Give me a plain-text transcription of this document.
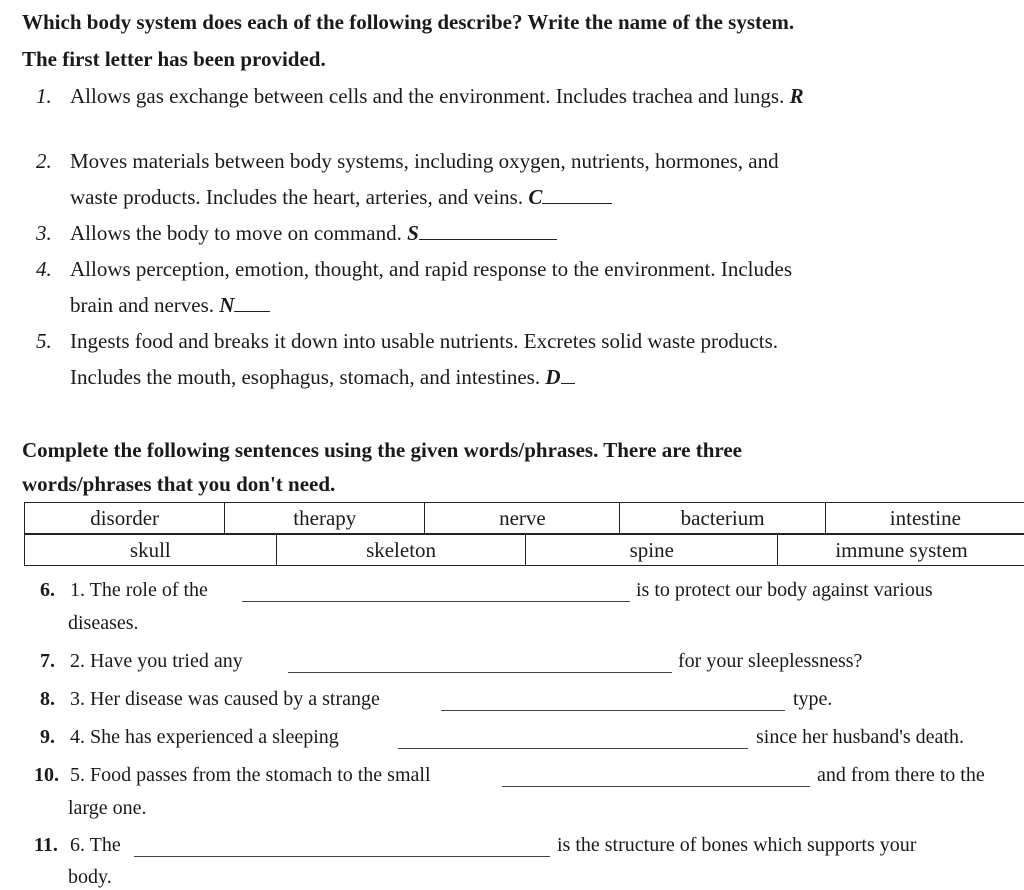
Which body system does each of the following describe? Write the name of the system.
The first letter has been provided.
1. Allows gas exchange between cells and the environment. Includes trachea and lungs. R
2. Moves materials between body systems, including oxygen, nutrients, hormones, and
waste products. Includes the heart, arteries, and veins. C
3. Allows the body to move on command. S
4. Allows perception, emotion, thought, and rapid response to the environment. Includes
brain and nerves. N
5. Ingests food and breaks it down into usable nutrients. Excretes solid waste products.
Includes the mouth, esophagus, stomach, and intestines. D
Complete the following sentences using the given words/phrases. There are three
words/phrases that you don't need.
disorder	therapy	nerve	bacterium	intestine
skull	skeleton	spine	immune system
6. 1. The role of the	is to protect our body against various
diseases.
7. 2. Have you tried any	for your sleeplessness?
8. 3. Her disease was caused by a strange	type.
9. 4. She has experienced a sleeping	since her husband's death.
10. 5. Food passes from the stomach to the small	and from there to the
large one.
11. 6. The	is the structure of bones which supports your
body.
